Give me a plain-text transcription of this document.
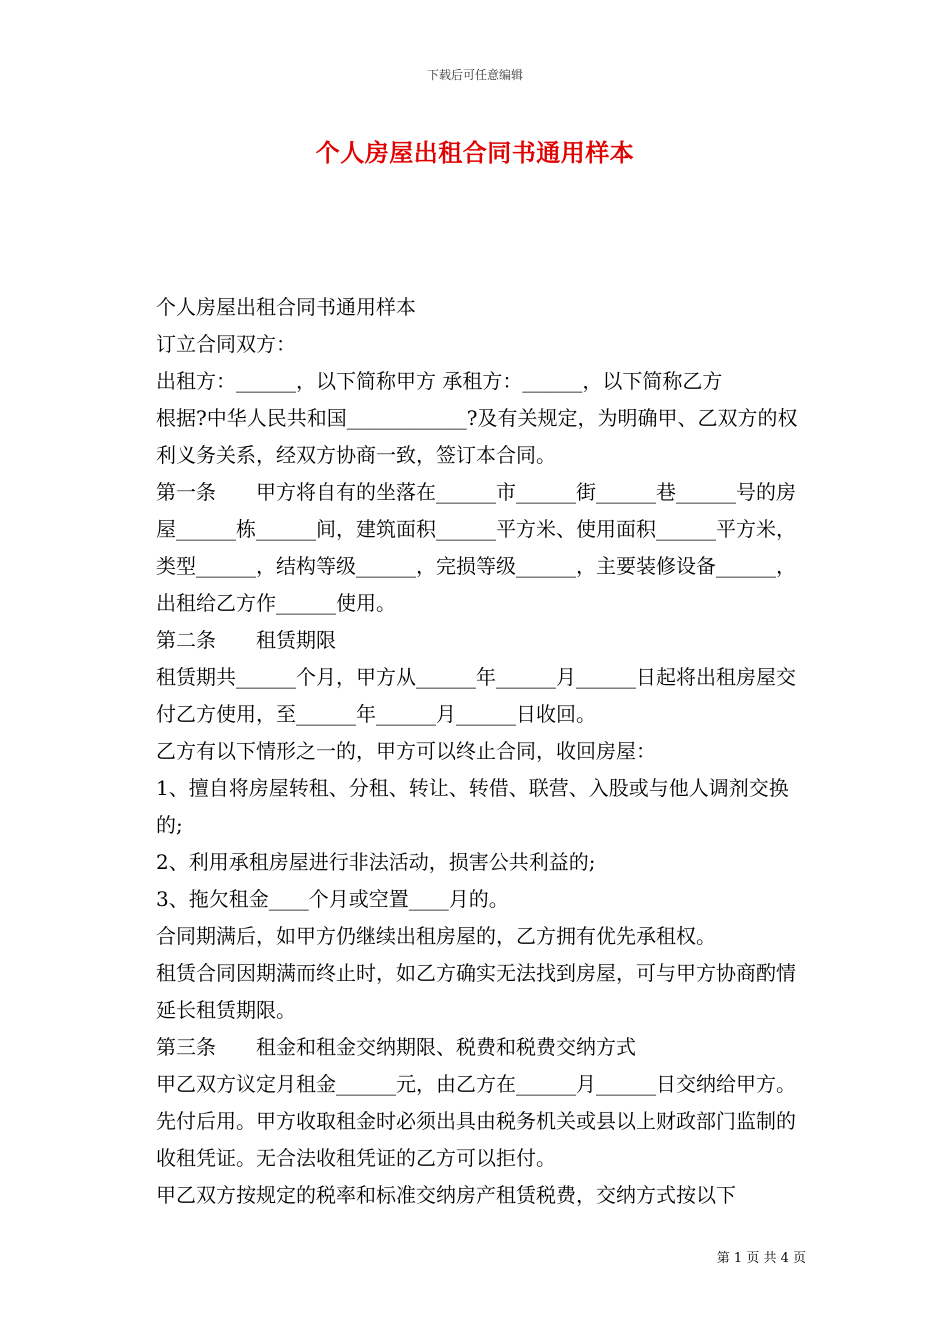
下载后可任意编辑
个人房屋出租合同书通用样本

个人房屋出租合同书通用样本

订立合同双方：

出租方：______，以下简称甲方 承租方：______，以下简称乙方

根据?中华人民共和国____________?及有关规定，为明确甲、乙双方的权利义务关系，经双方协商一致，签订本合同。

第一条　　甲方将自有的坐落在______市______街______巷______号的房屋______栋______间，建筑面积______平方米、使用面积______平方米，类型______，结构等级______，完损等级______，主要装修设备______，出租给乙方作______使用。

第二条　　租赁期限

租赁期共______个月，甲方从______年______月______日起将出租房屋交付乙方使用，至______年______月______日收回。

乙方有以下情形之一的，甲方可以终止合同，收回房屋：

1、擅自将房屋转租、分租、转让、转借、联营、入股或与他人调剂交换的;

2、利用承租房屋进行非法活动，损害公共利益的;

3、拖欠租金____个月或空置____月的。

合同期满后，如甲方仍继续出租房屋的，乙方拥有优先承租权。

租赁合同因期满而终止时，如乙方确实无法找到房屋，可与甲方协商酌情延长租赁期限。

第三条　　租金和租金交纳期限、税费和税费交纳方式

甲乙双方议定月租金______元，由乙方在______月______日交纳给甲方。先付后用。甲方收取租金时必须出具由税务机关或县以上财政部门监制的收租凭证。无合法收租凭证的乙方可以拒付。

甲乙双方按规定的税率和标准交纳房产租赁税费，交纳方式按以下

第 1 页 共 4 页
